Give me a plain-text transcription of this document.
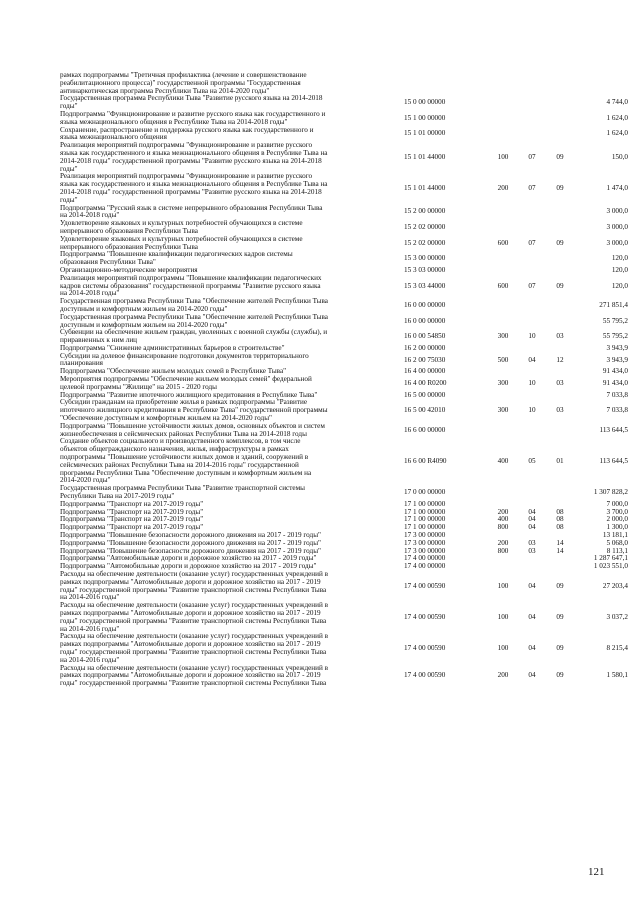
рамках подпрограммы "Третичная профилактика (лечение и совершенствование
реабилитационного процесса)" государственной программы "Государственная
антинаркотическая программа Республики Тыва на 2014-2020 годы"
Государственная программа Республики Тыва "Развитие русского языка на 2014-2018
годы"	15 0 00 00000	4 744,0
Подпрограмма "Функционирование и развитие русского языка как государственного и
языка межнационального общения в Республике Тыва на 2014-2018 годы"	15 1 00 00000	1 624,0
Сохранение, распространение и поддержка русского языка как государственного и
языка межнационального общения	15 1 01 00000	1 624,0
Реализация мероприятий подпрограммы "Функционирование и развитие русского
языка как государственного и языка межнационального общения в Республике Тыва на
2014-2018 годы" государственной программы "Развитие русского языка на 2014-2018
годы"
15 1 01 44000	100	07	09	150,0
Реализация мероприятий подпрограммы "Функционирование и развитие русского
языка как государственного и языка межнационального общения в Республике Тыва на
2014-2018 годы" государственной программы "Развитие русского языка на 2014-2018
годы"
15 1 01 44000	200	07	09	1 474,0
Подпрограмма "Русский язык в системе непрерывного образования Республики Тыва
на 2014-2018 годы"	15 2 00 00000	3 000,0
Удовлетворение языковых и культурных потребностей обучающихся в системе
непрерывного образования Республики Тыва	15 2 02 00000	3 000,0
Удовлетворение языковых и культурных потребностей обучающихся в системе
непрерывного образования Республики Тыва	15 2 02 00000	600	07	09	3 000,0
Подпрограмма "Повышение квалификации педагогических кадров системы
образования Республики Тыва"	15 3 00 00000	120,0
Организационно-методические мероприятия	15 3 03 00000	120,0
Реализация мероприятий подпрограммы "Повышение квалификации педагогических
кадров системы образования" государственной программы "Развитие русского языка
на 2014-2018 годы"
15 3 03 44000	600	07	09	120,0
Государственная программа Республики Тыва "Обеспечение жителей Республики Тыва
доступным и комфортным жильем на 2014-2020 годы"	16 0 00 00000	271 851,4
Государственная программа Республики Тыва "Обеспечение жителей Республики Тыва
доступным и комфортным жильем на 2014-2020 годы"	16 0 00 00000	55 795,2
Субвенции на обеспечение жильем граждан, уволенных с военной службы (службы), и
приравненных к ним лиц	16 0 00 54850	300	10	03	55 795,2
Подпрограмма "Снижение административных барьеров в строительстве"	16 2 00 00000	3 943,9
Субсидии на долевое финансирование подготовки документов территориального
планирования	16 2 00 75030	500	04	12	3 943,9
Подпрограмма "Обеспечение жильем молодых семей в Республике Тыва"	16 4 00 00000	91 434,0
Мероприятия подпрограммы "Обеспечение жильем молодых семей" федеральной
целевой программы "Жилище" на 2015 - 2020 годы	16 4 00 R0200	300	10	03	91 434,0
Подпрограмма "Развитие ипотечного жилищного кредитования в Республике Тыва"	16 5 00 00000	7 033,8
Субсидии гражданам на приобретение жилья в рамках подпрограммы "Развитие
ипотечного жилищного кредитования в Республике Тыва" государственной программы
"Обеспечение доступным и комфортным жильем на 2014-2020 годы"
16 5 00 42010	300	10	03	7 033,8
Подпрограмма "Повышение устойчивости жилых домов, основных объектов и систем
жизнеобеспечения в сейсмических районах Республики Тыва на 2014-2018 годы	16 6 00 00000	113 644,5
Создание объектов социального и производственного комплексов, в том числе
объектов общегражданского назначения, жилья, инфраструктуры в рамках
подпрограммы "Повышение устойчивости жилых домов и зданий, сооружений в
сейсмических районах Республики Тыва на 2014-2016 годы" государственной
программы Республики Тыва "Обеспечение доступным и комфортным жильем на
2014-2020 годы"
16 6 00 R4090	400	05	01	113 644,5
Государственная программа Республики Тыва "Развитие транспортной системы
Республики Тыва на 2017-2019 годы"	17 0 00 00000	1 307 828,2
Подпрограмма "Транспорт на 2017-2019 годы"	17 1 00 00000	7 000,0
Подпрограмма "Транспорт на 2017-2019 годы"	17 1 00 00000	200	04	08	3 700,0
Подпрограмма "Транспорт на 2017-2019 годы"	17 1 00 00000	400	04	08	2 000,0
Подпрограмма "Транспорт на 2017-2019 годы"	17 1 00 00000	800	04	08	1 300,0
Подпрограмма "Повышение безопасности дорожного движения на 2017 - 2019 годы"	17 3 00 00000	13 181,1
Подпрограмма "Повышение безопасности дорожного движения на 2017 - 2019 годы"	17 3 00 00000	200	03	14	5 068,0
Подпрограмма "Повышение безопасности дорожного движения на 2017 - 2019 годы"	17 3 00 00000	800	03	14	8 113,1
Подпрограмма "Автомобильные дороги и дорожное хозяйство на 2017 - 2019 годы"	17 4 00 00000	1 287 647,1
Подпрограмма "Автомобильные дороги и дорожное хозяйство на 2017 - 2019 годы"	17 4 00 00000	1 023 551,0
Расходы на обеспечение деятельности (оказание услуг) государственных учреждений в
рамках подпрограммы "Автомобильные дороги и дорожное хозяйство на 2017 - 2019
годы" государственной программы "Развитие транспортной системы Республики Тыва
на 2014-2016 годы"
17 4 00 00590	100	04	09	27 203,4
Расходы на обеспечение деятельности (оказание услуг) государственных учреждений в
рамках подпрограммы "Автомобильные дороги и дорожное хозяйство на 2017 - 2019
годы" государственной программы "Развитие транспортной системы Республики Тыва
на 2014-2016 годы"
17 4 00 00590	100	04	09	3 037,2
Расходы на обеспечение деятельности (оказание услуг) государственных учреждений в
рамках подпрограммы "Автомобильные дороги и дорожное хозяйство на 2017 - 2019
годы" государственной программы "Развитие транспортной системы Республики Тыва
на 2014-2016 годы"
17 4 00 00590	100	04	09	8 215,4
Расходы на обеспечение деятельности (оказание услуг) государственных учреждений в
рамках подпрограммы "Автомобильные дороги и дорожное хозяйство на 2017 - 2019
годы" государственной программы "Развитие транспортной системы Республики Тыва
17 4 00 00590	200	04	09	1 580,1
121
